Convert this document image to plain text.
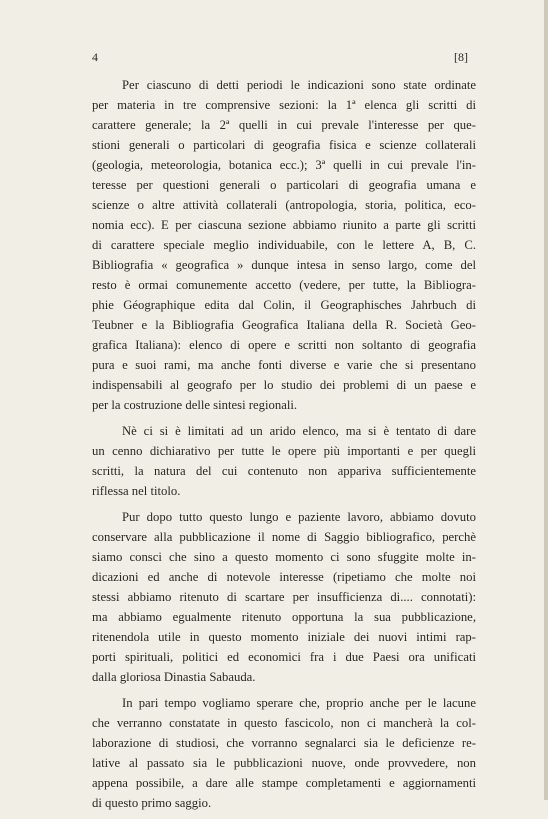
4	[8]
Per ciascuno di detti periodi le indicazioni sono state ordinate
per materia in tre comprensive sezioni: la 1ª elenca gli scritti di
carattere generale; la 2ª quelli in cui prevale l'interesse per que-
stioni generali o particolari di geografia fisica e scienze collaterali
(geologia, meteorologia, botanica ecc.); 3ª quelli in cui prevale l'in-
teresse per questioni generali o particolari di geografia umana e
scienze o altre attività collaterali (antropologia, storia, politica, eco-
nomia ecc). E per ciascuna sezione abbiamo riunito a parte gli scritti
di carattere speciale meglio individuabile, con le lettere A, B, C.
Bibliografia « geografica » dunque intesa in senso largo, come del
resto è ormai comunemente accetto (vedere, per tutte, la Bibliogra-
phie Géographique edita dal Colin, il Geographisches Jahrbuch di
Teubner e la Bibliografia Geografica Italiana della R. Società Geo-
grafica Italiana): elenco di opere e scritti non soltanto di geografia
pura e suoi rami, ma anche fonti diverse e varie che si presentano
indispensabili al geografo per lo studio dei problemi di un paese e
per la costruzione delle sintesi regionali.
Nè ci si è limitati ad un arido elenco, ma si è tentato di dare
un cenno dichiarativo per tutte le opere più importanti e per quegli
scritti, la natura del cui contenuto non appariva sufficientemente
riflessa nel titolo.
Pur dopo tutto questo lungo e paziente lavoro, abbiamo dovuto
conservare alla pubblicazione il nome di Saggio bibliografico, perchè
siamo consci che sino a questo momento ci sono sfuggite molte in-
dicazioni ed anche di notevole interesse (ripetiamo che molte noi
stessi abbiamo ritenuto di scartare per insufficienza di.... connotati):
ma abbiamo egualmente ritenuto opportuna la sua pubblicazione,
ritenendola utile in questo momento iniziale dei nuovi intimi rap-
porti spirituali, politici ed economici fra i due Paesi ora unificati
dalla gloriosa Dinastia Sabauda.
In pari tempo vogliamo sperare che, proprio anche per le lacune
che verranno constatate in questo fascicolo, non ci mancherà la col-
laborazione di studiosi, che vorranno segnalarci sia le deficienze re-
lative al passato sia le pubblicazioni nuove, onde provvedere, non
appena possibile, a dare alle stampe completamenti e aggiornamenti
di questo primo saggio.
